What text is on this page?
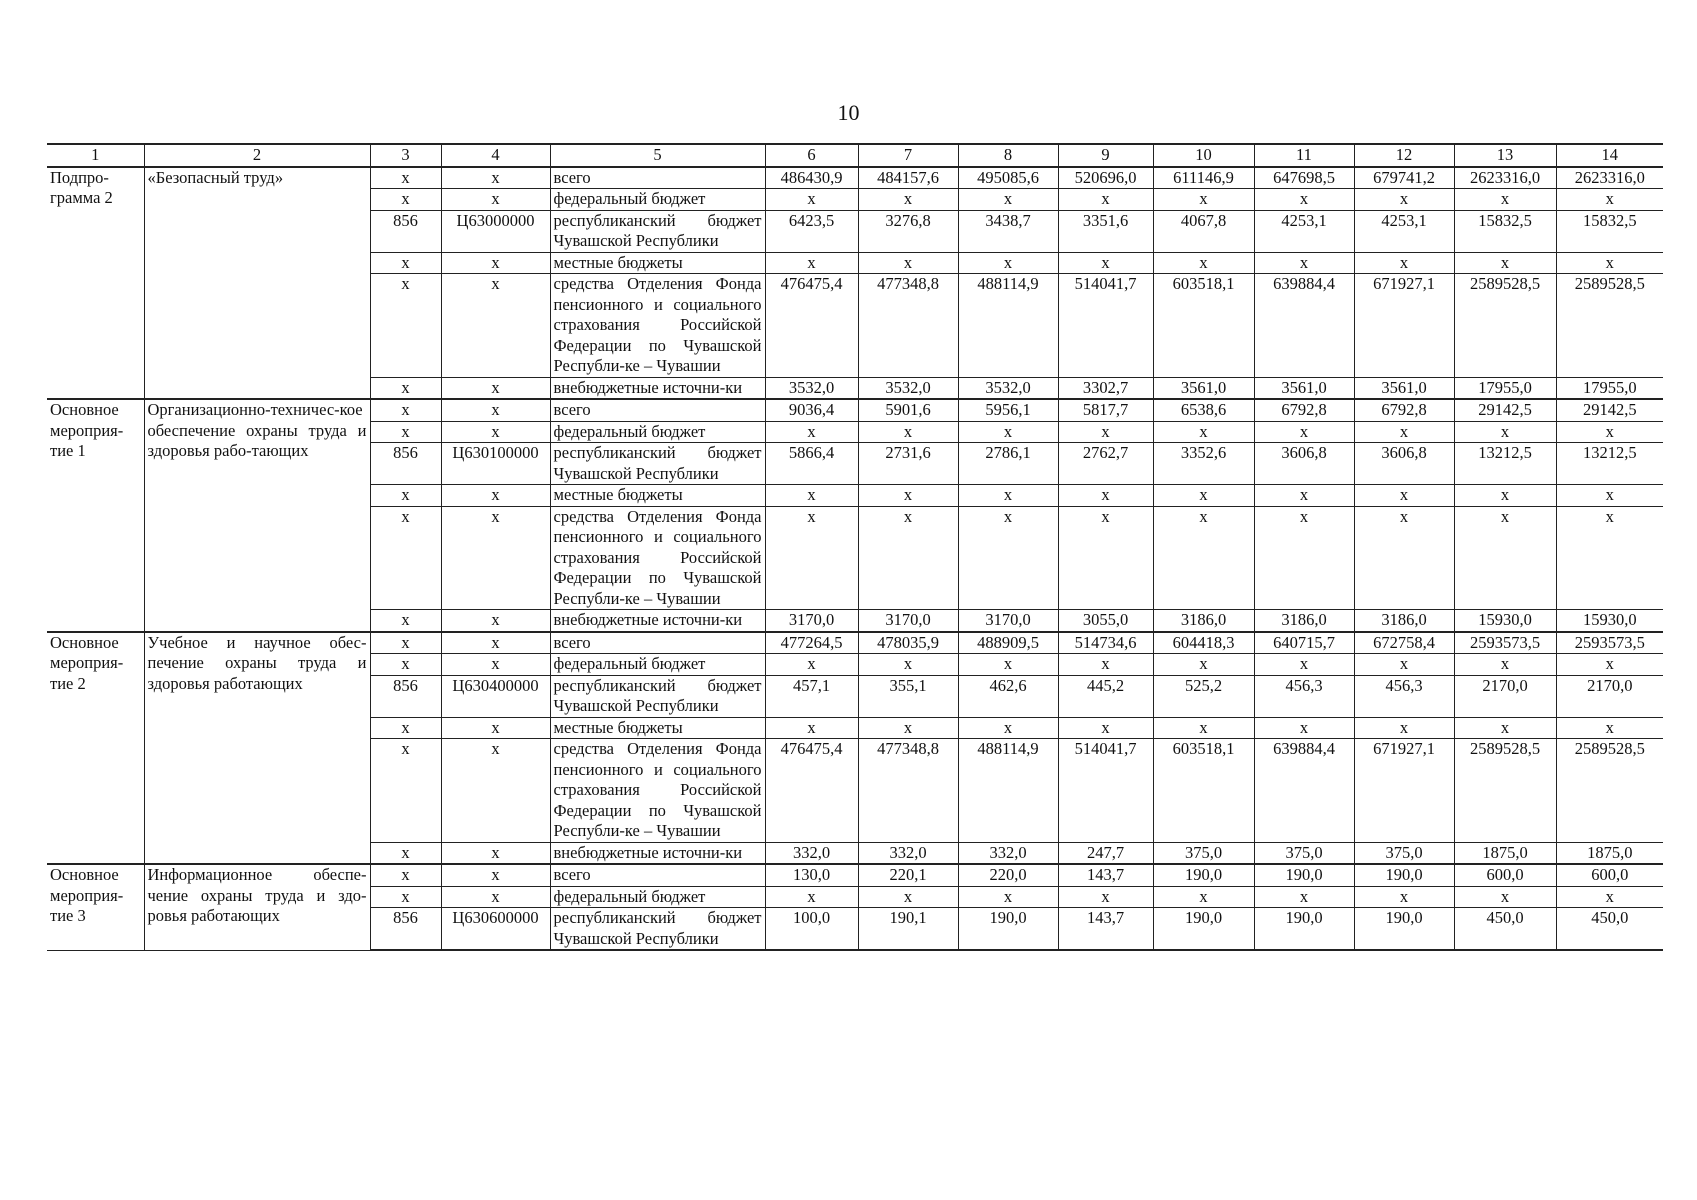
10
1	2	3	4	5	6	7	8	9	10	11	12	13	14
Подпро-грамма 2	«Безопасный труд»	х	х	всего	486430,9	484157,6	495085,6	520696,0	611146,9	647698,5	679741,2	2623316,0	2623316,0
		х	х	федеральный бюджет	х	х	х	х	х	х	х	х	х
		856	Ц63000000	республиканский бюджет Чувашской Республики	6423,5	3276,8	3438,7	3351,6	4067,8	4253,1	4253,1	15832,5	15832,5
		х	х	местные бюджеты	х	х	х	х	х	х	х	х	х
		х	х	средства Отделения Фонда пенсионного и социального страхования Российской Федерации по Чувашской Республи-ке – Чувашии	476475,4	477348,8	488114,9	514041,7	603518,1	639884,4	671927,1	2589528,5	2589528,5
		х	х	внебюджетные источни-ки	3532,0	3532,0	3532,0	3302,7	3561,0	3561,0	3561,0	17955,0	17955,0
Основное мероприя-тие 1	Организационно-техничес-кое обеспечение охраны труда и здоровья рабо-тающих	х	х	всего	9036,4	5901,6	5956,1	5817,7	6538,6	6792,8	6792,8	29142,5	29142,5
		х	х	федеральный бюджет	х	х	х	х	х	х	х	х	х
		856	Ц630100000	республиканский бюджет Чувашской Республики	5866,4	2731,6	2786,1	2762,7	3352,6	3606,8	3606,8	13212,5	13212,5
		х	х	местные бюджеты	х	х	х	х	х	х	х	х	х
		х	х	средства Отделения Фонда пенсионного и социального страхования Российской Федерации по Чувашской Республи-ке – Чувашии	х	х	х	х	х	х	х	х	х
		х	х	внебюджетные источни-ки	3170,0	3170,0	3170,0	3055,0	3186,0	3186,0	3186,0	15930,0	15930,0
Основное мероприя-тие 2	Учебное и научное обес-печение охраны труда и здоровья работающих	х	х	всего	477264,5	478035,9	488909,5	514734,6	604418,3	640715,7	672758,4	2593573,5	2593573,5
		х	х	федеральный бюджет	х	х	х	х	х	х	х	х	х
		856	Ц630400000	республиканский бюджет Чувашской Республики	457,1	355,1	462,6	445,2	525,2	456,3	456,3	2170,0	2170,0
		х	х	местные бюджеты	х	х	х	х	х	х	х	х	х
		х	х	средства Отделения Фонда пенсионного и социального страхования Российской Федерации по Чувашской Республи-ке – Чувашии	476475,4	477348,8	488114,9	514041,7	603518,1	639884,4	671927,1	2589528,5	2589528,5
		х	х	внебюджетные источни-ки	332,0	332,0	332,0	247,7	375,0	375,0	375,0	1875,0	1875,0
Основное мероприя-тие 3	Информационное обеспе-чение охраны труда и здо-ровья работающих	х	х	всего	130,0	220,1	220,0	143,7	190,0	190,0	190,0	600,0	600,0
		х	х	федеральный бюджет	х	х	х	х	х	х	х	х	х
		856	Ц630600000	республиканский бюджет Чувашской Республики	100,0	190,1	190,0	143,7	190,0	190,0	190,0	450,0	450,0
